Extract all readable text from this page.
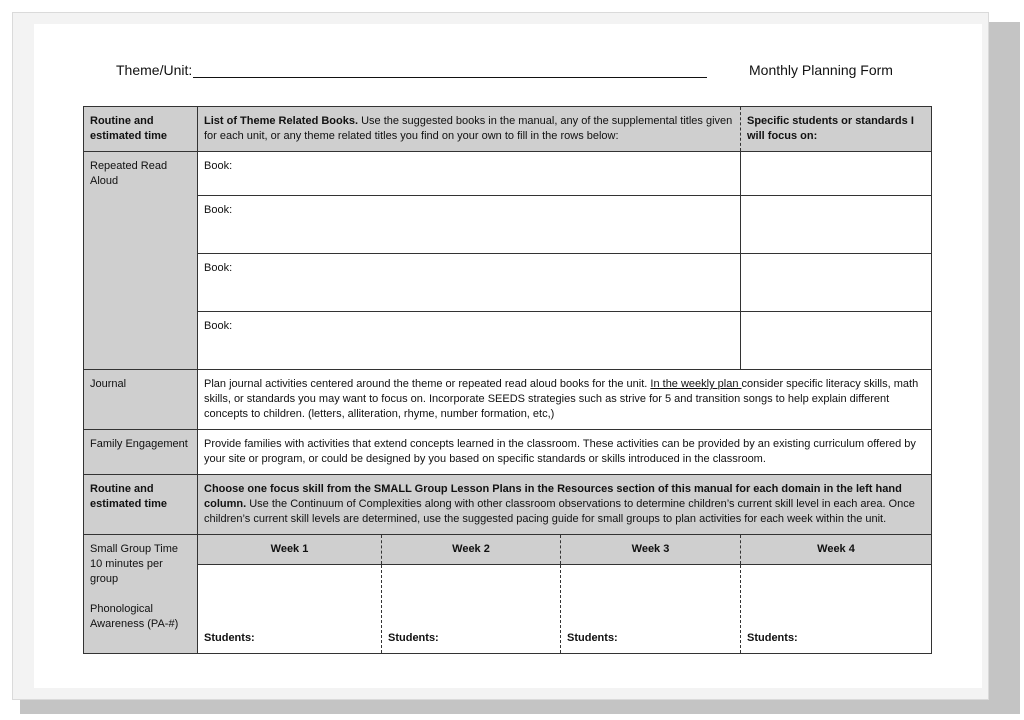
Theme/Unit:	Monthly Planning Form
Routine and estimated time	List of Theme Related Books. Use the suggested books in the manual, any of the supplemental titles given for each unit, or any theme related titles you find on your own to fill in the rows below:			Specific students or standards I will focus on:
Repeated Read Aloud	Book:			
	Book:			
	Book:			
	Book:			
Journal	Plan journal activities centered around the theme or repeated read aloud books for the unit. In the weekly plan consider specific literacy skills, math skills, or standards you may want to focus on. Incorporate SEEDS strategies such as strive for 5 and transition songs to help explain different concepts to children. (letters, alliteration, rhyme, number formation, etc,)			
Family Engagement	Provide families with activities that extend concepts learned in the classroom. These activities can be provided by an existing curriculum offered by your site or program, or could be designed by you based on specific standards or skills introduced in the classroom.			
Routine and estimated time	Choose one focus skill from the SMALL Group Lesson Plans in the Resources section of this manual for each domain in the left hand column. Use the Continuum of Complexities along with other classroom observations to determine children’s current skill level in each area. Once children’s current skill levels are determined, use the suggested pacing guide for small groups to plan activities for each week within the unit.			

Small Group Time 10 minutes per group
Phonological Awareness (PA-#)	Week 1	Week 2	Week 3	Week 4

	Students:	Students:	Students:	Students:
